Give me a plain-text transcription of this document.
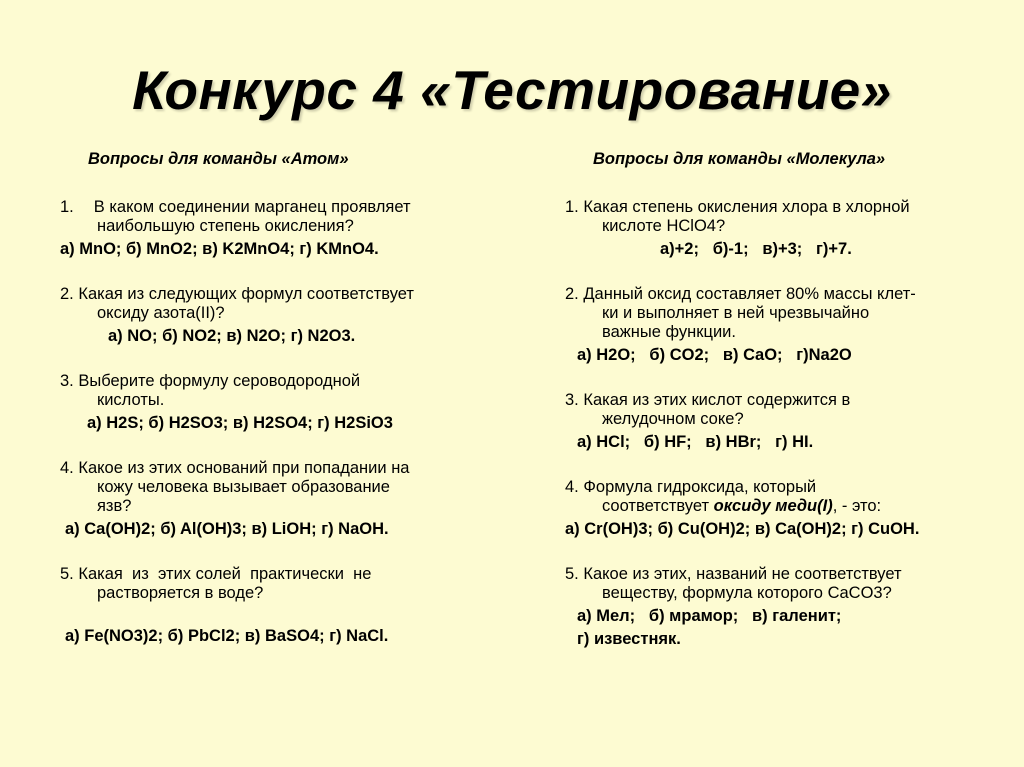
Конкурс 4 «Тестирование»
Вопросы для команды «Атом»
1. В каком соединении марганец проявляет
наибольшую степень окисления?
а) MnO; б) MnO2; в) K2MnO4; г) KMnO4.
2. Какая из следующих формул соответствует
оксиду азота(II)?
а) NO; б) NO2; в) N2O; г) N2O3.
3. Выберите формулу сероводородной
кислоты.
а) H2S; б) H2SO3; в) H2SO4; г) H2SiO3
4. Какое из этих оснований при попадании на
кожу человека вызывает образование
язв?
а) Ca(OH)2; б) Al(OH)3; в) LiOH; г) NaOH.
5. Какая  из  этих солей  практически  не
растворяется в воде?
а) Fe(NO3)2; б) PbCl2; в) BaSO4; г) NaCl.
Вопросы для команды «Молекула»
1. Какая степень окисления хлора в хлорной
кислоте HClO4?
а)+2;   б)-1;   в)+3;   г)+7.
2. Данный оксид составляет 80% массы клет-
ки и выполняет в ней чрезвычайно
важные функции.
а) H2O;   б) CO2;   в) CaO;   г)Na2O
3. Какая из этих кислот содержится в
желудочном соке?
а) HCl;   б) HF;   в) HBr;   г) HI.
4. Формула гидроксида, который
соответствует оксиду меди(I), - это:
а) Cr(OH)3; б) Cu(OH)2; в) Ca(OH)2; г) CuOH.
5. Какое из этих, названий не соответствует
веществу, формула которого CaCO3?
а) Мел;   б) мрамор;   в) галенит;
г) известняк.
